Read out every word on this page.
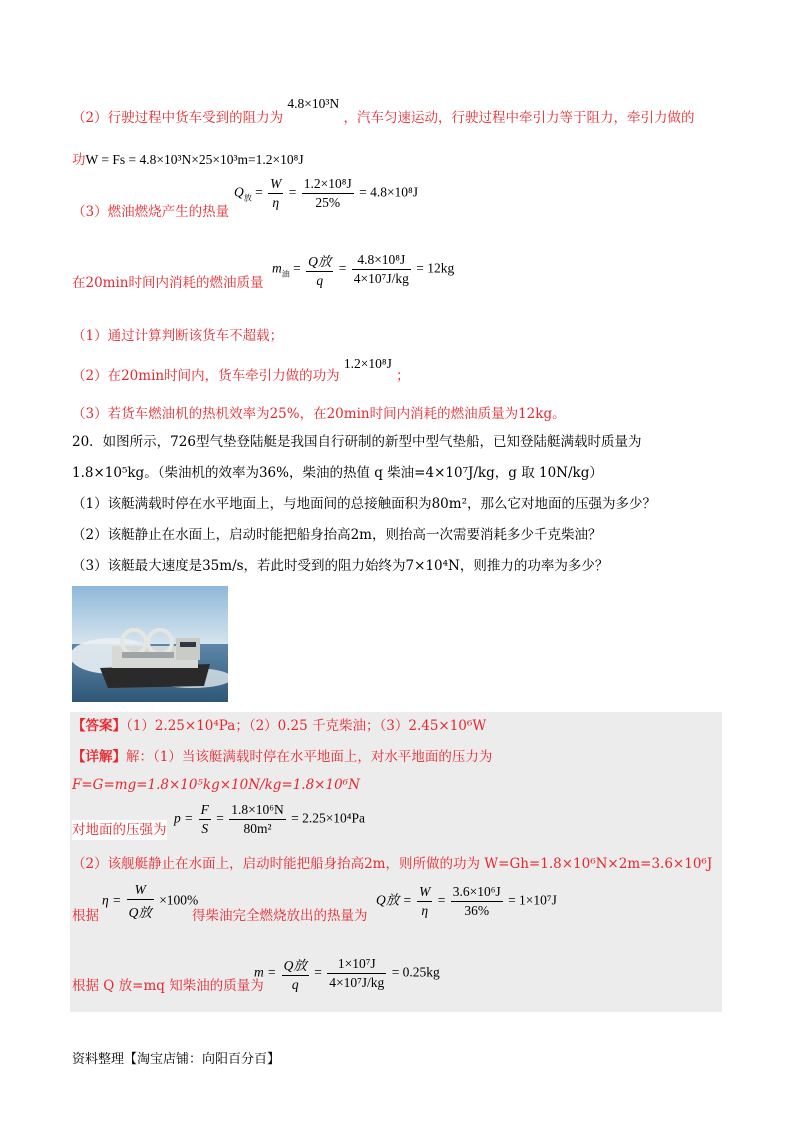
（2）行驶过程中货车受到的阻力为 4.8×10³N ，汽车匀速运动，行驶过程中牵引力等于阻力，牵引力做的
功W = Fs = 4.8×10³N×25×10³m=1.2×10⁸J
（3）燃油燃烧产生的热量
$Q_放 = \frac{W}{\eta} = \frac{\text{1.2×10⁸J}}{25\%} = 4.8\times 10^8J$
在20min时间内消耗的燃油质量
$m_油 = \frac{\text{Q放}}{q} = \frac{\text{4.8×10⁸J}}{\text{4×10⁷J/kg}} = 12kg$
（1）通过计算判断该货车不超载；
（2）在20min时间内，货车牵引力做的功为 1.2×10⁸J ；
（3）若货车燃油机的热机效率为25%，在20min时间内消耗的燃油质量为12kg。
20．如图所示，726型气垫登陆艇是我国自行研制的新型中型气垫船，已知登陆艇满载时质量为
1.8×10⁵kg。（柴油机的效率为36%，柴油的热值 q 柴油=4×10⁷J/kg，g 取 10N/kg）
（1）该艇满载时停在水平地面上，与地面间的总接触面积为80m²，那么它对地面的压强为多少？
（2）该艇静止在水面上，启动时能把船身抬高2m，则抬高一次需要消耗多少千克柴油？
（3）该艇最大速度是35m/s，若此时受到的阻力始终为7×10⁴N，则推力的功率为多少？
【答案】（1）2.25×10⁴Pa；（2）0.25 千克柴油；（3）2.45×10⁶W
【详解】解：（1）当该艇满载时停在水平地面上，对水平地面的压力为
F=G=mg=1.8×10⁵kg×10N/kg=1.8×10⁶N
对地面的压强为
$p = \frac{F}{S} = \frac{\text{1.8×10⁶N}}{\text{80m²}} = 2.25\times 10^4Pa$
（2）该舰艇静止在水面上，启动时能把船身抬高2m，则所做的功为 W=Gh=1.8×10⁶N×2m=3.6×10⁶J
根据
$\eta = \frac{W}{\text{Q放}} \times 100\%$
得柴油完全燃烧放出的热量为
Q放 = $\frac{W}{\eta} = \frac{\text{3.6×10⁶J}}{36\%} = 1\times 10^7J$
根据 Q 放=mq 知柴油的质量为
$m = \frac{\text{Q放}}{q} = \frac{\text{1×10⁷J}}{\text{4×10⁷J/kg}} = 0.25kg$
资料整理【淘宝店铺：向阳百分百】
